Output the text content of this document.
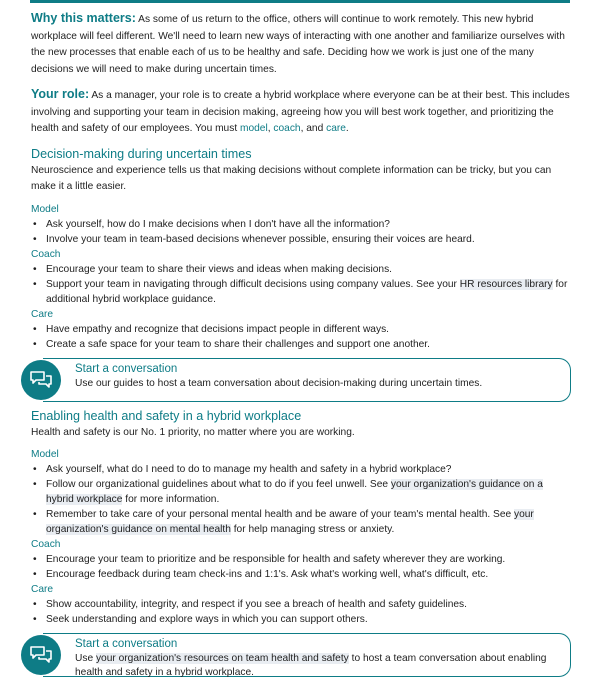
Why this matters: As some of us return to the office, others will continue to work remotely. This new hybrid workplace will feel different. We'll need to learn new ways of interacting with one another and familiarize ourselves with the new processes that enable each of us to be healthy and safe. Deciding how we work is just one of the many decisions we will need to make during uncertain times.

Your role: As a manager, your role is to create a hybrid workplace where everyone can be at their best. This includes involving and supporting your team in decision making, agreeing how you will best work together, and prioritizing the health and safety of our employees. You must model, coach, and care.

Decision-making during uncertain times

Neuroscience and experience tells us that making decisions without complete information can be tricky, but you can make it a little easier.

Model
• Ask yourself, how do I make decisions when I don't have all the information?
• Involve your team in team-based decisions whenever possible, ensuring their voices are heard.
Coach
• Encourage your team to share their views and ideas when making decisions.
• Support your team in navigating through difficult decisions using company values. See your HR resources library for additional hybrid workplace guidance.
Care
• Have empathy and recognize that decisions impact people in different ways.
• Create a safe space for your team to share their challenges and support one another.
Start a conversation
Use our guides to host a team conversation about decision-making during uncertain times.
Enabling health and safety in a hybrid workplace

Health and safety is our No. 1 priority, no matter where you are working.

Model
• Ask yourself, what do I need to do to manage my health and safety in a hybrid workplace?
• Follow our organizational guidelines about what to do if you feel unwell. See your organization's guidance on a hybrid workplace for more information.
• Remember to take care of your personal mental health and be aware of your team's mental health. See your organization's guidance on mental health for help managing stress or anxiety.
Coach
• Encourage your team to prioritize and be responsible for health and safety wherever they are working.
• Encourage feedback during team check-ins and 1:1's. Ask what's working well, what's difficult, etc.
Care
• Show accountability, integrity, and respect if you see a breach of health and safety guidelines.
• Seek understanding and explore ways in which you can support others.
Start a conversation
Use your organization's resources on team health and safety to host a team conversation about enabling health and safety in a hybrid workplace.
